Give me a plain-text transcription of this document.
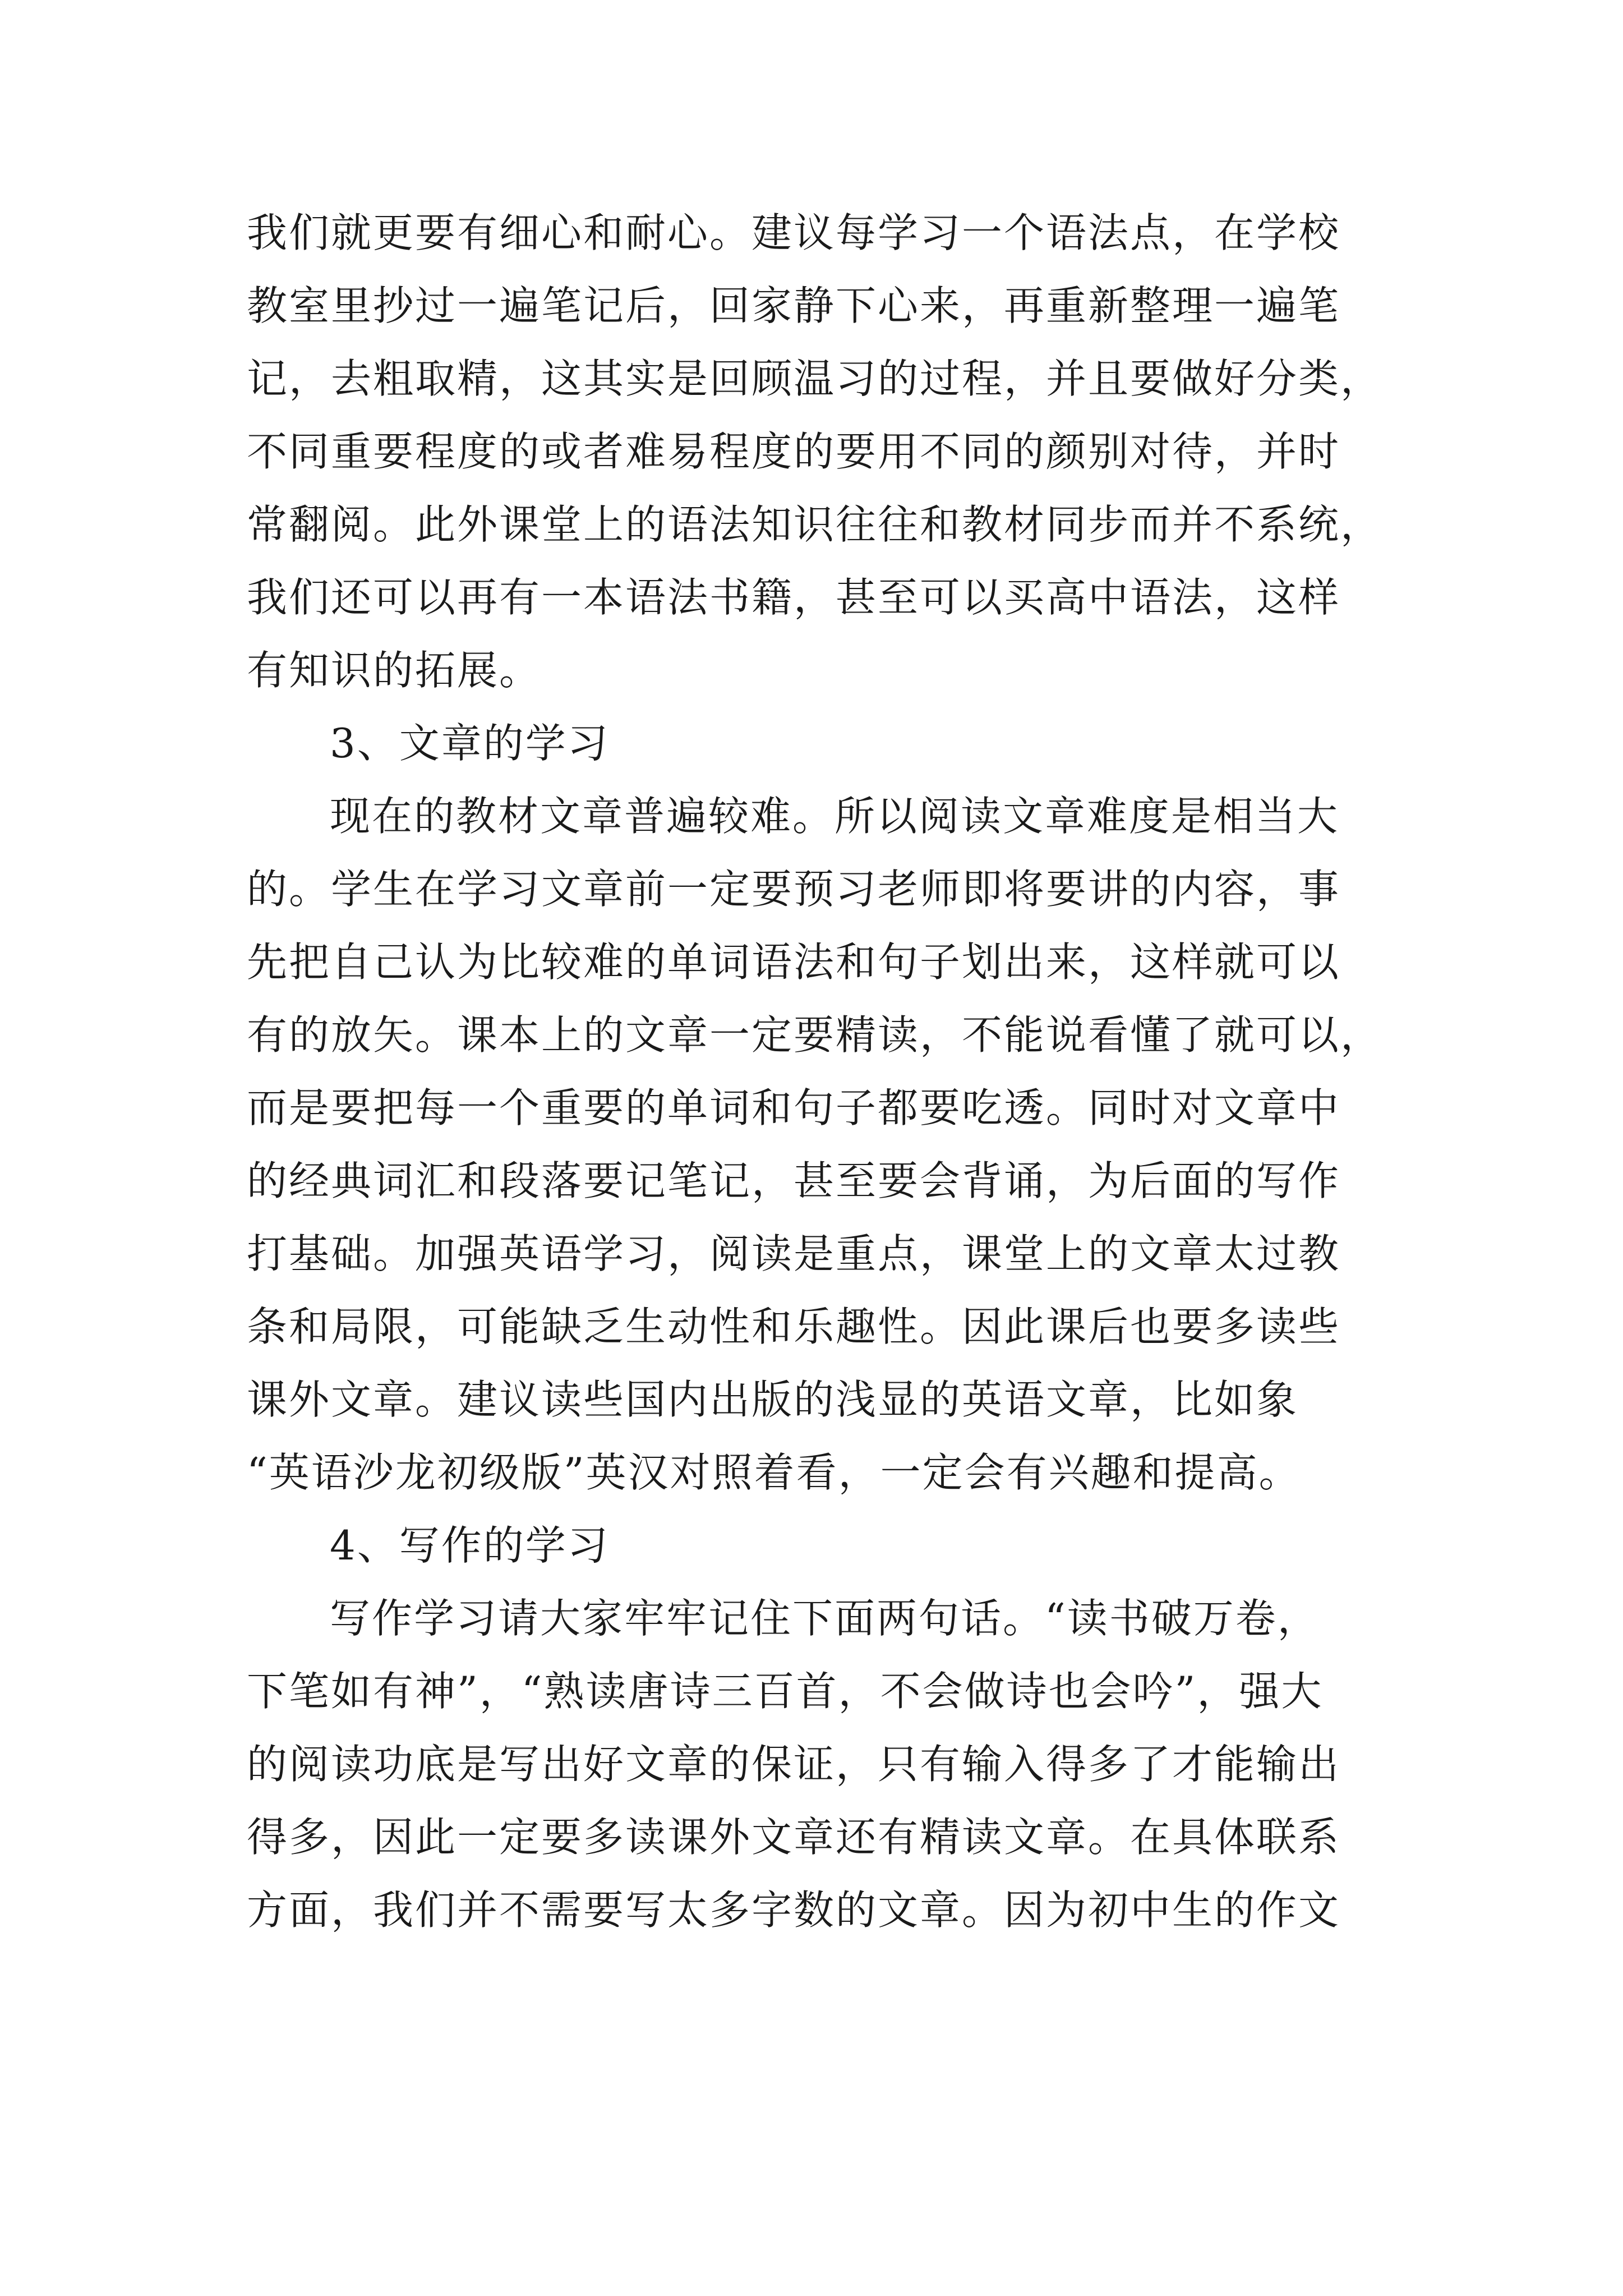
我们就更要有细心和耐心。建议每学习一个语法点，在学校
教室里抄过一遍笔记后，回家静下心来，再重新整理一遍笔
记，去粗取精，这其实是回顾温习的过程，并且要做好分类，
不同重要程度的或者难易程度的要用不同的颜别对待，并时
常翻阅。此外课堂上的语法知识往往和教材同步而并不系统，
我们还可以再有一本语法书籍，甚至可以买高中语法，这样
有知识的拓展。
3、文章的学习
现在的教材文章普遍较难。所以阅读文章难度是相当大
的。学生在学习文章前一定要预习老师即将要讲的内容，事
先把自己认为比较难的单词语法和句子划出来，这样就可以
有的放矢。课本上的文章一定要精读，不能说看懂了就可以，
而是要把每一个重要的单词和句子都要吃透。同时对文章中
的经典词汇和段落要记笔记，甚至要会背诵，为后面的写作
打基础。加强英语学习，阅读是重点，课堂上的文章太过教
条和局限，可能缺乏生动性和乐趣性。因此课后也要多读些
课外文章。建议读些国内出版的浅显的英语文章，比如象
“英语沙龙初级版”英汉对照着看，一定会有兴趣和提高。
4、写作的学习
写作学习请大家牢牢记住下面两句话。“读书破万卷，
下笔如有神”，“熟读唐诗三百首，不会做诗也会吟”，强大
的阅读功底是写出好文章的保证，只有输入得多了才能输出
得多，因此一定要多读课外文章还有精读文章。在具体联系
方面，我们并不需要写太多字数的文章。因为初中生的作文
